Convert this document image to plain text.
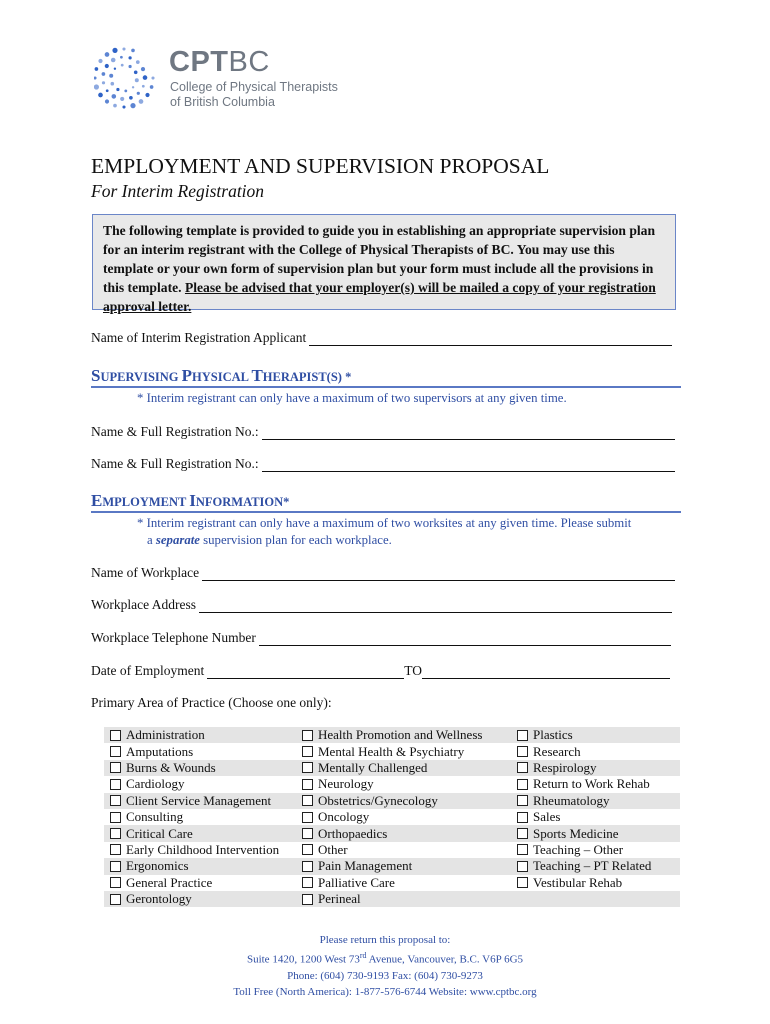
CPTBC
College of Physical Therapists
of British Columbia
EMPLOYMENT AND SUPERVISION PROPOSAL
For Interim Registration
The following template is provided to guide you in establishing an appropriate supervision plan for an interim registrant with the College of Physical Therapists of BC. You may use this template or your own form of supervision plan but your form must include all the provisions in this template. Please be advised that your employer(s) will be mailed a copy of your registration approval letter.
Name of Interim Registration Applicant
SUPERVISING PHYSICAL THERAPIST(S) *
* Interim registrant can only have a maximum of two supervisors at any given time.
Name & Full Registration No.:
Name & Full Registration No.:
EMPLOYMENT INFORMATION*
* Interim registrant can only have a maximum of two worksites at any given time. Please submit
a separate supervision plan for each workplace.
Name of Workplace
Workplace Address
Workplace Telephone Number
Date of Employment	TO
Primary Area of Practice (Choose one only):
Administration	Health Promotion and Wellness	Plastics
Amputations	Mental Health & Psychiatry	Research
Burns & Wounds	Mentally Challenged	Respirology
Cardiology	Neurology	Return to Work Rehab
Client Service Management	Obstetrics/Gynecology	Rheumatology
Consulting	Oncology	Sales
Critical Care	Orthopaedics	Sports Medicine
Early Childhood Intervention	Other	Teaching – Other
Ergonomics	Pain Management	Teaching – PT Related
General Practice	Palliative Care	Vestibular Rehab
Gerontology	Perineal
Please return this proposal to:
Suite 1420, 1200 West 73rd Avenue, Vancouver, B.C. V6P 6G5
Phone: (604) 730-9193 Fax: (604) 730-9273
Toll Free (North America): 1-877-576-6744 Website: www.cptbc.org
